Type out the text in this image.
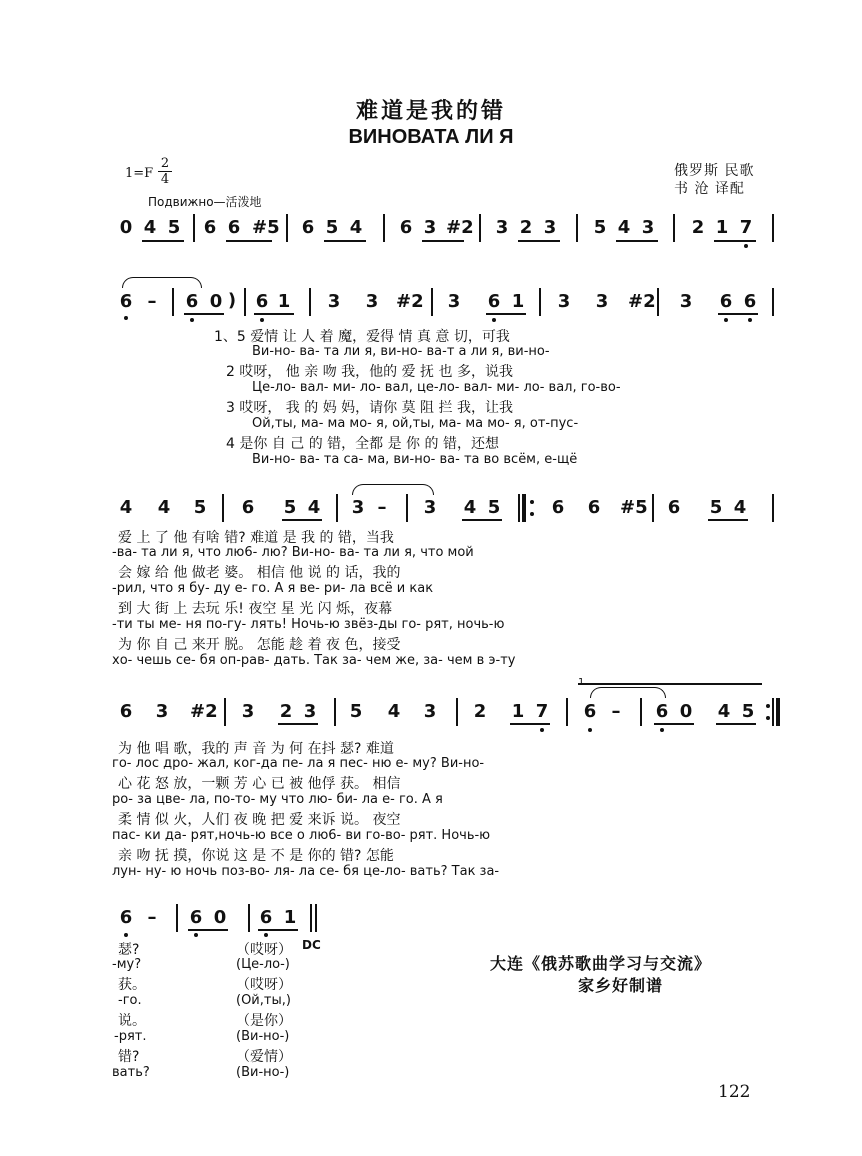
难道是我的错
ВИНОВАТА ЛИ Я
1=F
2
4
Подвижно—活泼地
俄罗斯 民歌
书 沧 译配
0 4 5 6 6 #5 6 5 4 6 3 #2 3 2 3 5 4 3 2 1 7
6 –	6 0 )	6 1 3 3 #2 3 6 1 3 3 #2 3 6 6
1、5 爱情 让 人 着 魔，爱得 情 真 意 切，可我
Ви-но- ва- та ли я, ви-но- ва-т а ли я, ви-но-
2 哎呀， 他 亲 吻 我，他的 爱 抚 也 多，说我
Це-ло- вал- ми- ло- вал, це-ло- вал- ми- ло- вал, го-во-
3 哎呀， 我 的 妈 妈，请你 莫 阻 拦 我，让我
Ой,ты, ма- ма мо- я, ой,ты, ма- ма мо- я, от-пус-
4 是你 自 己 的 错，全都 是 你 的 错，还想
Ви-но- ва- та са- ма, ви-но- ва- та во всём, е-щё
4 4 5 6 5 4 3 –	3 4 5	6 6 #5 6 5 4
爱 上 了 他 有啥 错? 难道 是 我 的 错，当我
-ва- та ли я, что лю6- лю? Ви-но- ва- та ли я, что мой
会 嫁 给 他 做老 婆。 相信 他 说 的 话，我的
-рил, что я бу- ду е- го. А я ве- ри- ла всё и как
到 大 街 上 去玩 乐! 夜空 星 光 闪 烁，夜幕
-ти ты ме- ня по-гу- лять! Ночь-ю звёз-ды го- рят, ночь-ю
为 你 自 己 来开 脱。 怎能 趁 着 夜 色，接受
хо- чешь се- бя оп-рав- дать. Так за- чем же, за- чем в э-ту
6 3 #2 3 2 3 5 4 3 2 1 7 6 –	6 0 4 5
为 他 唱 歌，我的 声 音 为 何 在抖 瑟? 难道
го- лос дро- жал, ког-да пе- ла я пес- ню е- му? Ви-но-
心 花 怒 放，一颗 芳 心 已 被 他俘 获。 相信
ро- за цве- ла, по-то- му что лю- би- ла е- го. А я
柔 情 似 火，人们 夜 晚 把 爱 来诉 说。 夜空
пас- ки да- рят,ночь-ю все о лю6- ви го-во- рят. Ночь-ю
亲 吻 抚 摸，你说 这 是 不 是 你的 错? 怎能
лун- ну- ю ночь поз-во- ля- ла се- бя це-ло- вать? Так за-
6 –	6 0 6 1
瑟?
-му?
获。
-го.
说。
-рят.
错?
вать?
（哎呀） DC
(Це-ло-)
（哎呀）
(Ой,ты,)
（是你）
(Ви-но-)
（爱情）
(Ви-но-)
大连《俄苏歌曲学习与交流》
家乡好制谱
122
